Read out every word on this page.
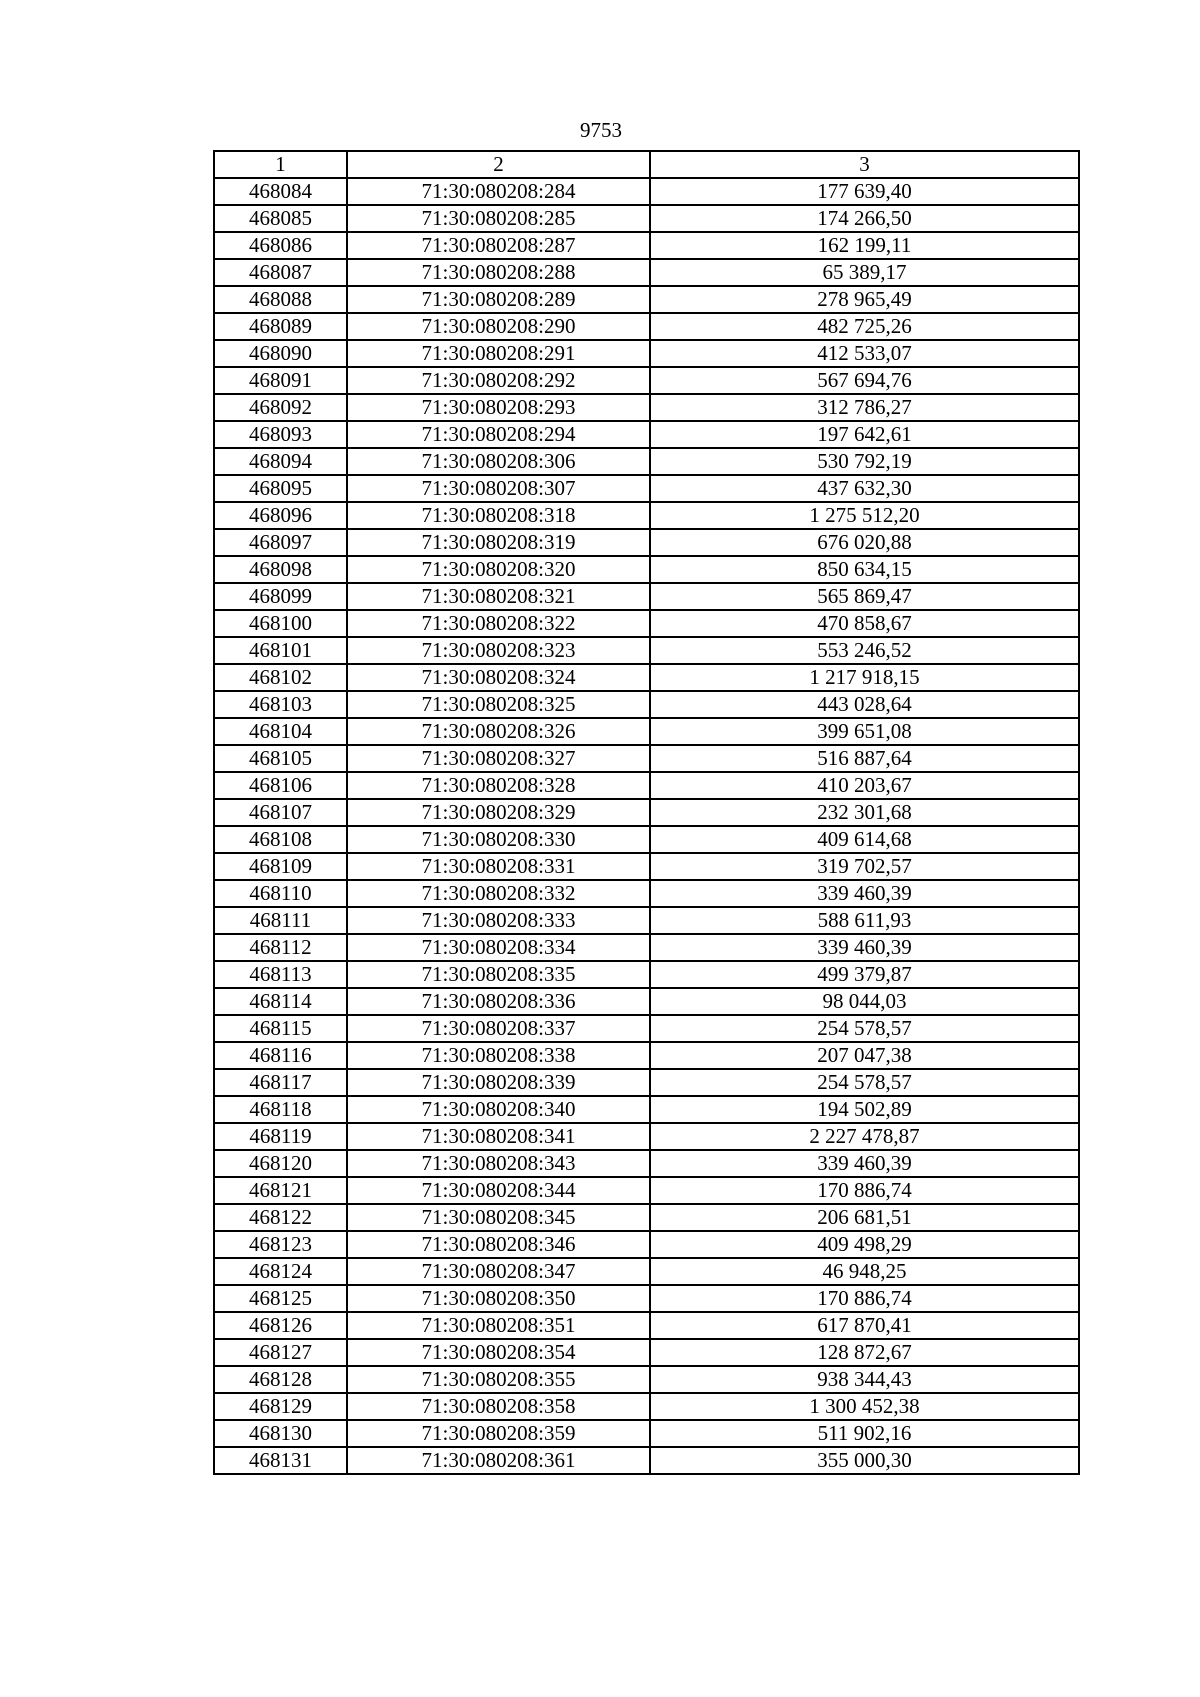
9753
1	2	3
468084	71:30:080208:284	177 639,40
468085	71:30:080208:285	174 266,50
468086	71:30:080208:287	162 199,11
468087	71:30:080208:288	65 389,17
468088	71:30:080208:289	278 965,49
468089	71:30:080208:290	482 725,26
468090	71:30:080208:291	412 533,07
468091	71:30:080208:292	567 694,76
468092	71:30:080208:293	312 786,27
468093	71:30:080208:294	197 642,61
468094	71:30:080208:306	530 792,19
468095	71:30:080208:307	437 632,30
468096	71:30:080208:318	1 275 512,20
468097	71:30:080208:319	676 020,88
468098	71:30:080208:320	850 634,15
468099	71:30:080208:321	565 869,47
468100	71:30:080208:322	470 858,67
468101	71:30:080208:323	553 246,52
468102	71:30:080208:324	1 217 918,15
468103	71:30:080208:325	443 028,64
468104	71:30:080208:326	399 651,08
468105	71:30:080208:327	516 887,64
468106	71:30:080208:328	410 203,67
468107	71:30:080208:329	232 301,68
468108	71:30:080208:330	409 614,68
468109	71:30:080208:331	319 702,57
468110	71:30:080208:332	339 460,39
468111	71:30:080208:333	588 611,93
468112	71:30:080208:334	339 460,39
468113	71:30:080208:335	499 379,87
468114	71:30:080208:336	98 044,03
468115	71:30:080208:337	254 578,57
468116	71:30:080208:338	207 047,38
468117	71:30:080208:339	254 578,57
468118	71:30:080208:340	194 502,89
468119	71:30:080208:341	2 227 478,87
468120	71:30:080208:343	339 460,39
468121	71:30:080208:344	170 886,74
468122	71:30:080208:345	206 681,51
468123	71:30:080208:346	409 498,29
468124	71:30:080208:347	46 948,25
468125	71:30:080208:350	170 886,74
468126	71:30:080208:351	617 870,41
468127	71:30:080208:354	128 872,67
468128	71:30:080208:355	938 344,43
468129	71:30:080208:358	1 300 452,38
468130	71:30:080208:359	511 902,16
468131	71:30:080208:361	355 000,30
